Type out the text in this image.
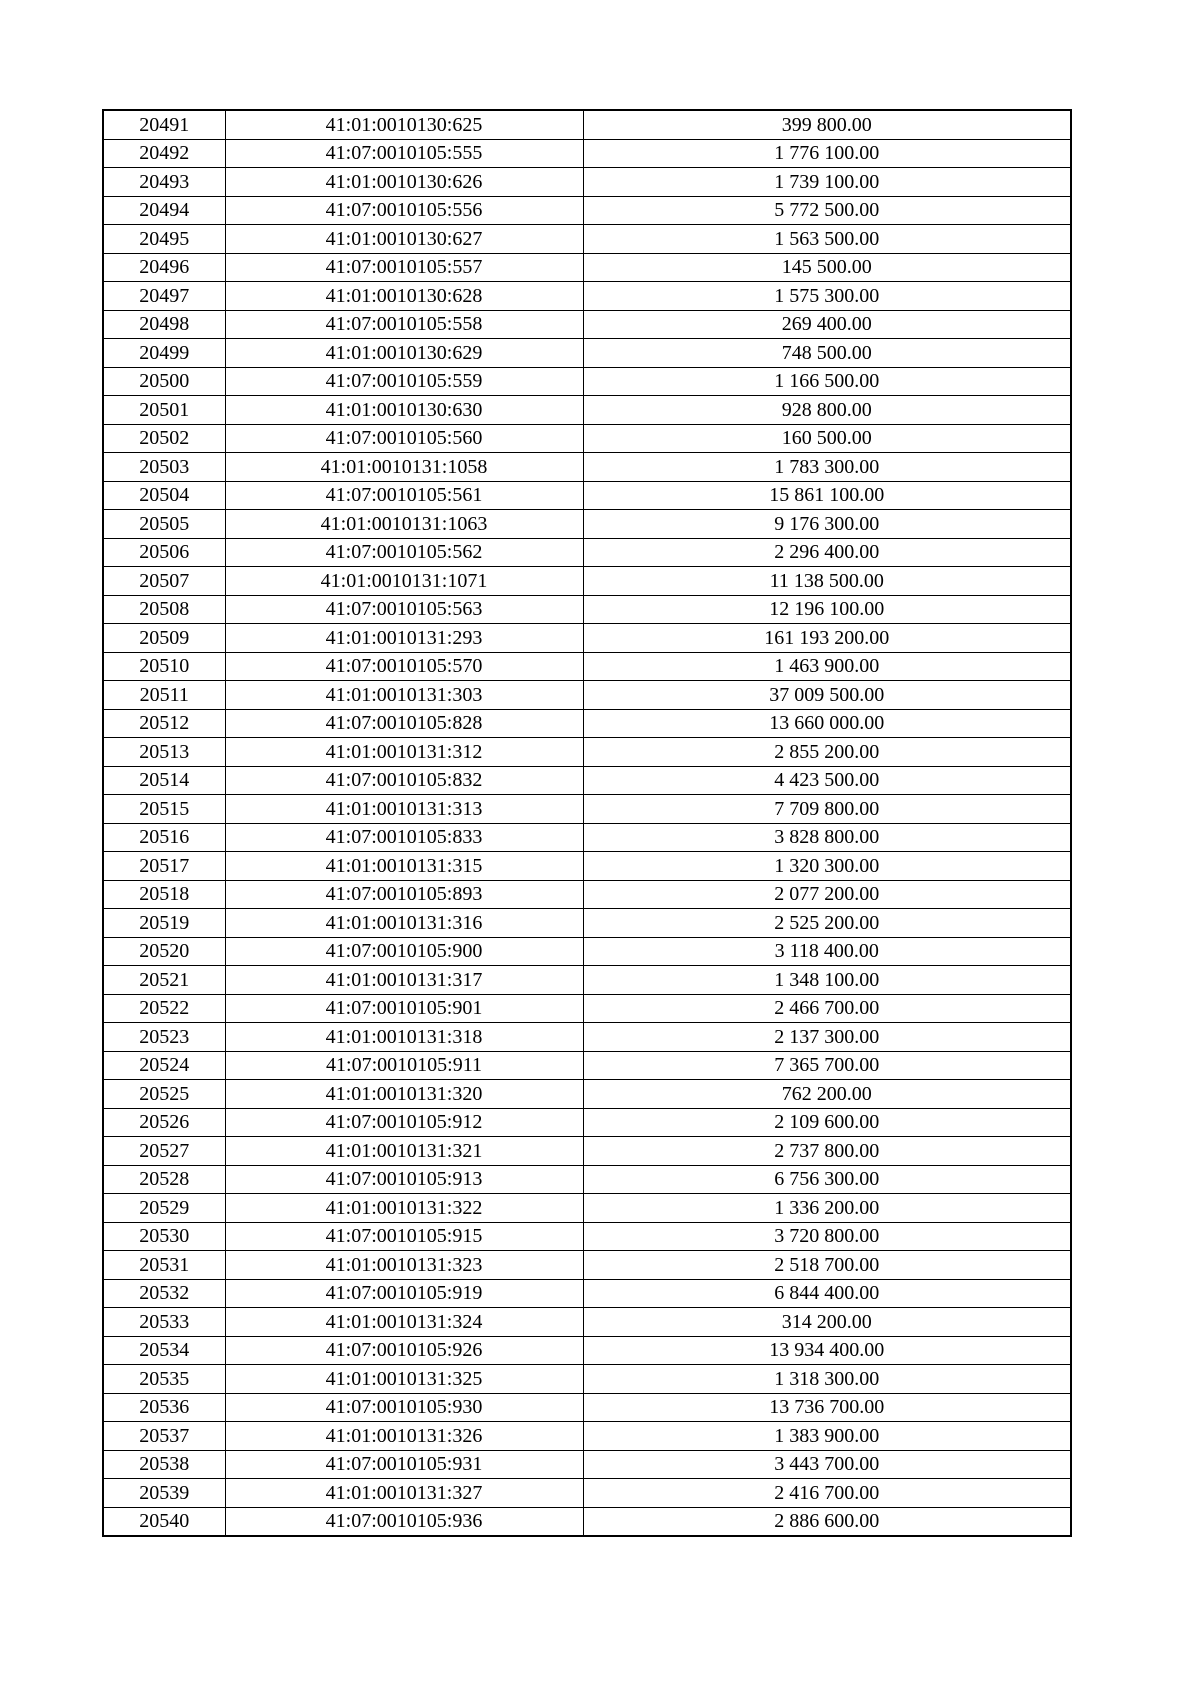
20491	41:01:0010130:625	399 800.00
20492	41:07:0010105:555	1 776 100.00
20493	41:01:0010130:626	1 739 100.00
20494	41:07:0010105:556	5 772 500.00
20495	41:01:0010130:627	1 563 500.00
20496	41:07:0010105:557	145 500.00
20497	41:01:0010130:628	1 575 300.00
20498	41:07:0010105:558	269 400.00
20499	41:01:0010130:629	748 500.00
20500	41:07:0010105:559	1 166 500.00
20501	41:01:0010130:630	928 800.00
20502	41:07:0010105:560	160 500.00
20503	41:01:0010131:1058	1 783 300.00
20504	41:07:0010105:561	15 861 100.00
20505	41:01:0010131:1063	9 176 300.00
20506	41:07:0010105:562	2 296 400.00
20507	41:01:0010131:1071	11 138 500.00
20508	41:07:0010105:563	12 196 100.00
20509	41:01:0010131:293	161 193 200.00
20510	41:07:0010105:570	1 463 900.00
20511	41:01:0010131:303	37 009 500.00
20512	41:07:0010105:828	13 660 000.00
20513	41:01:0010131:312	2 855 200.00
20514	41:07:0010105:832	4 423 500.00
20515	41:01:0010131:313	7 709 800.00
20516	41:07:0010105:833	3 828 800.00
20517	41:01:0010131:315	1 320 300.00
20518	41:07:0010105:893	2 077 200.00
20519	41:01:0010131:316	2 525 200.00
20520	41:07:0010105:900	3 118 400.00
20521	41:01:0010131:317	1 348 100.00
20522	41:07:0010105:901	2 466 700.00
20523	41:01:0010131:318	2 137 300.00
20524	41:07:0010105:911	7 365 700.00
20525	41:01:0010131:320	762 200.00
20526	41:07:0010105:912	2 109 600.00
20527	41:01:0010131:321	2 737 800.00
20528	41:07:0010105:913	6 756 300.00
20529	41:01:0010131:322	1 336 200.00
20530	41:07:0010105:915	3 720 800.00
20531	41:01:0010131:323	2 518 700.00
20532	41:07:0010105:919	6 844 400.00
20533	41:01:0010131:324	314 200.00
20534	41:07:0010105:926	13 934 400.00
20535	41:01:0010131:325	1 318 300.00
20536	41:07:0010105:930	13 736 700.00
20537	41:01:0010131:326	1 383 900.00
20538	41:07:0010105:931	3 443 700.00
20539	41:01:0010131:327	2 416 700.00
20540	41:07:0010105:936	2 886 600.00
